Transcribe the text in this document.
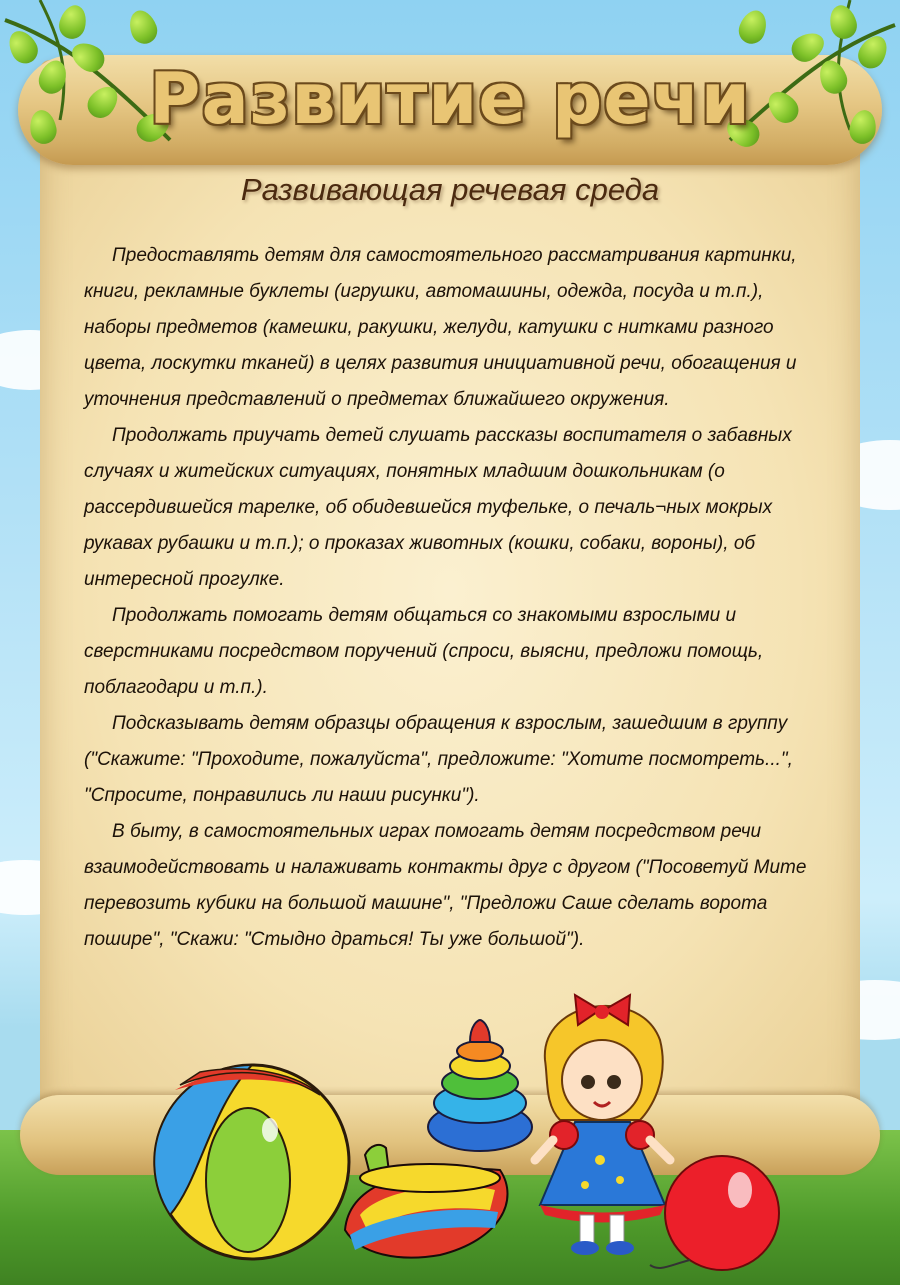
Развитие речи
Развивающая речевая среда

Предоставлять детям для самостоятельного рассматривания картинки, книги, рекламные буклеты (игрушки, автомашины, одежда, посуда и т.п.), наборы предметов (камешки, ракушки, желуди, катушки с нитками разного цвета, лоскутки тканей) в целях развития инициативной речи, обогащения и уточнения представлений о предметах ближайшего окружения.

Продолжать приучать детей слушать рассказы воспитателя о забавных случаях и житейских ситуациях, понятных младшим дошкольникам (о рассердившейся тарелке, об обидевшейся туфельке, о печаль¬ных мокрых рукавах рубашки и т.п.); о проказах животных (кошки, собаки, вороны), об интересной прогулке.

Продолжать помогать детям общаться со знакомыми взрослыми и сверстниками посредством поручений (спроси, выясни, предложи помощь, поблагодари и т.п.).

Подсказывать детям образцы обращения к взрослым, зашедшим в группу ("Скажите: "Проходите, пожалуйста", предложите: "Хотите посмотреть...", "Спросите, понравились ли наши рисунки").

В быту, в самостоятельных играх помогать детям посредством речи взаимодействовать и налаживать контакты друг с другом ("Посоветуй Мите перевозить кубики на большой машине", "Предложи Саше сделать ворота пошире", "Скажи: "Стыдно драться! Ты уже большой").
